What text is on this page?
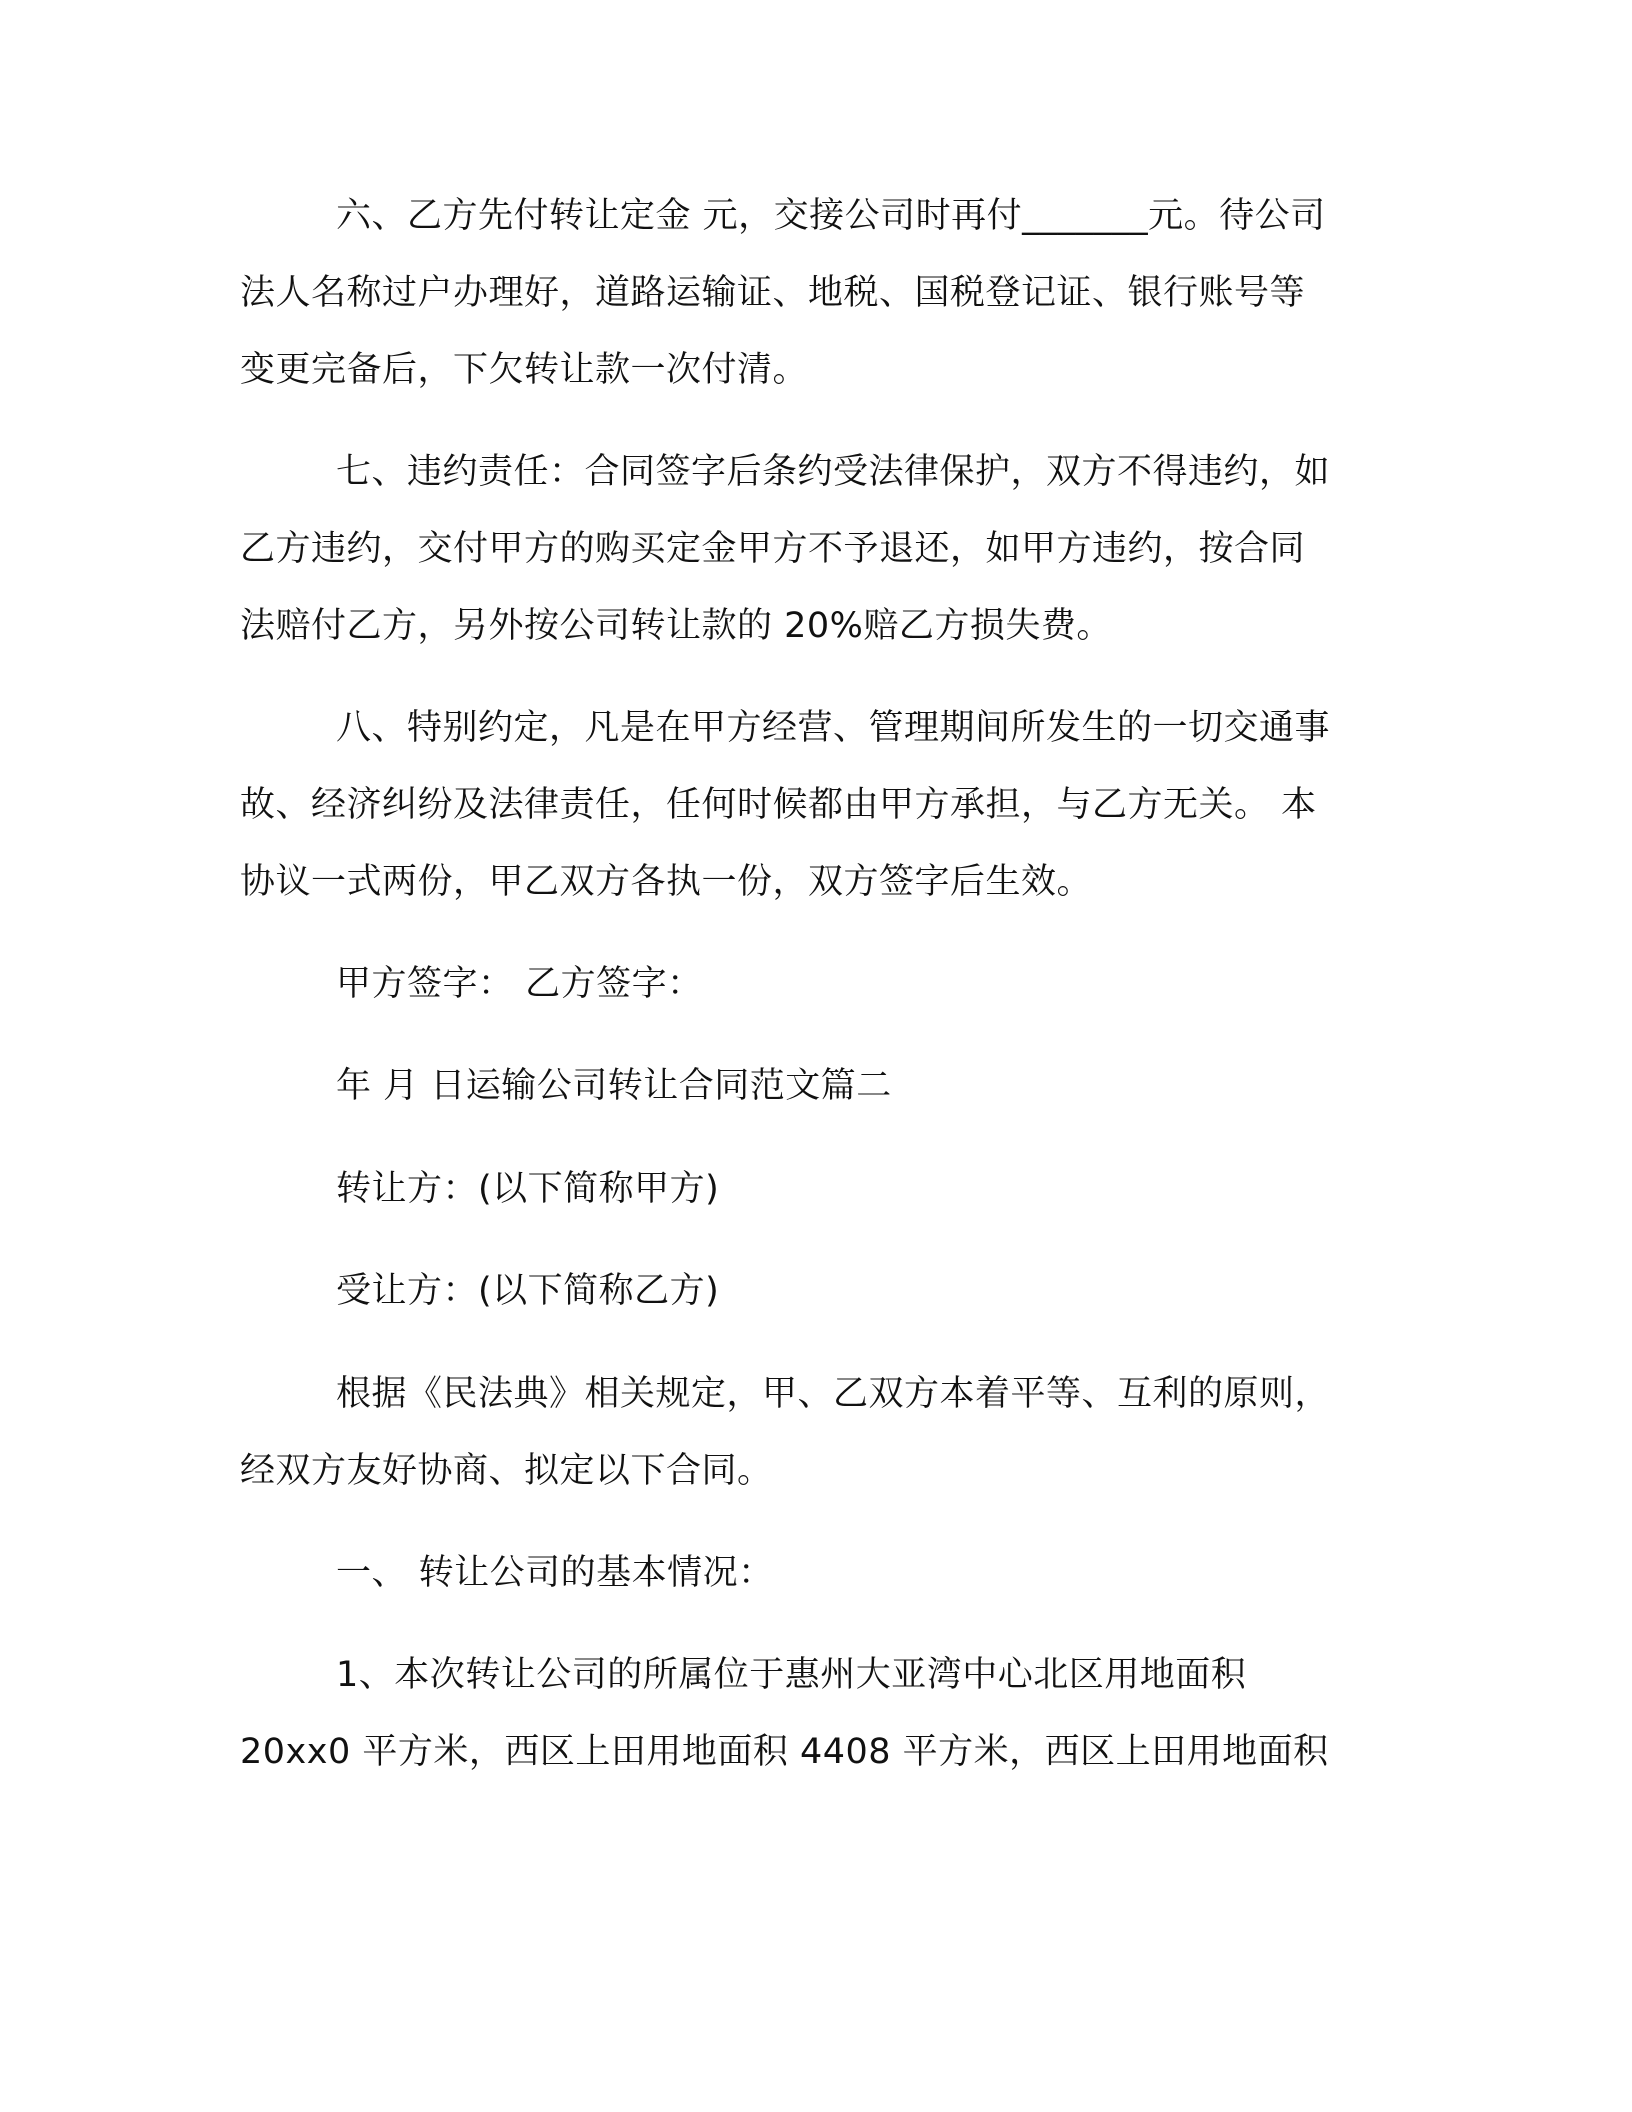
六、乙方先付转让定金 元，交接公司时再付_______元。待公司
法人名称过户办理好，道路运输证、地税、国税登记证、银行账号等
变更完备后，下欠转让款一次付清。
七、违约责任：合同签字后条约受法律保护，双方不得违约，如
乙方违约，交付甲方的购买定金甲方不予退还，如甲方违约，按合同
法赔付乙方，另外按公司转让款的 20%赔乙方损失费。
八、特别约定，凡是在甲方经营、管理期间所发生的一切交通事
故、经济纠纷及法律责任，任何时候都由甲方承担，与乙方无关。 本
协议一式两份，甲乙双方各执一份，双方签字后生效。
甲方签字： 乙方签字：
年 月 日运输公司转让合同范文篇二
转让方：(以下简称甲方)
受让方：(以下简称乙方)
根据《民法典》相关规定，甲、乙双方本着平等、互利的原则，
经双方友好协商、拟定以下合同。
一、 转让公司的基本情况：
1、本次转让公司的所属位于惠州大亚湾中心北区用地面积
20xx0 平方米，西区上田用地面积 4408 平方米，西区上田用地面积
